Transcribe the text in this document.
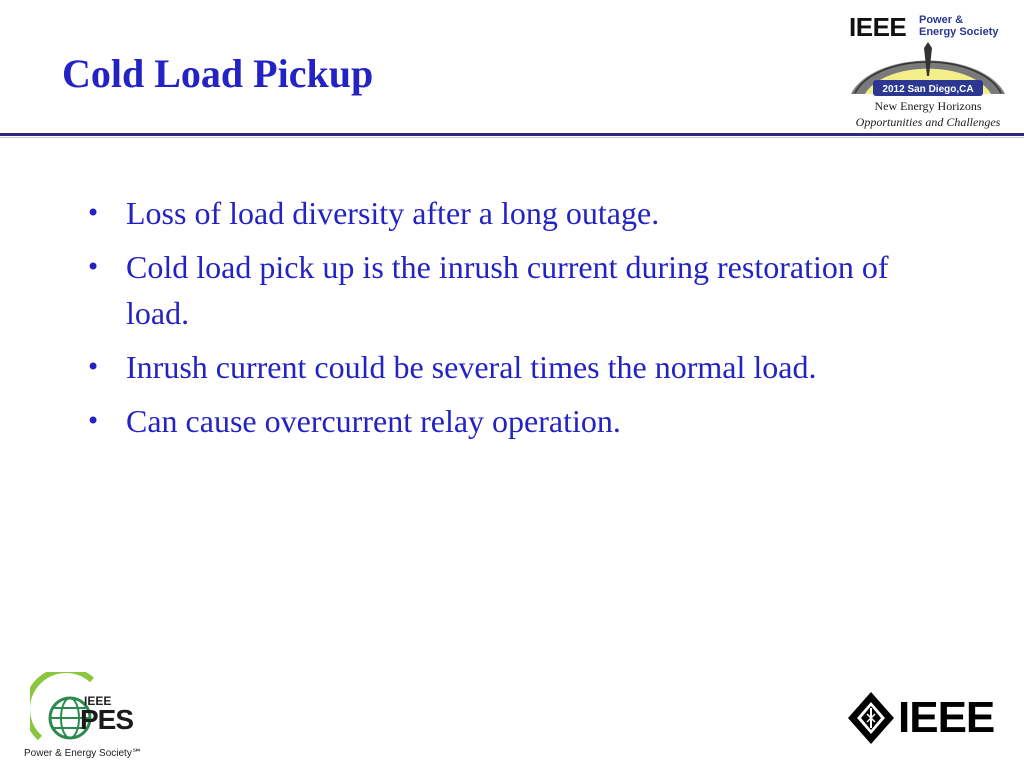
Cold Load Pickup
IEEE Power &
Energy Society
2012 San Diego,CA
New Energy Horizons
Opportunities and Challenges
• Loss of load diversity after a long outage.
• Cold load pick up is the inrush current during restoration of load.
• Inrush current could be several times the normal load.
• Can cause overcurrent relay operation.
IEEE
PES
Power & Energy Society℠
IEEE
